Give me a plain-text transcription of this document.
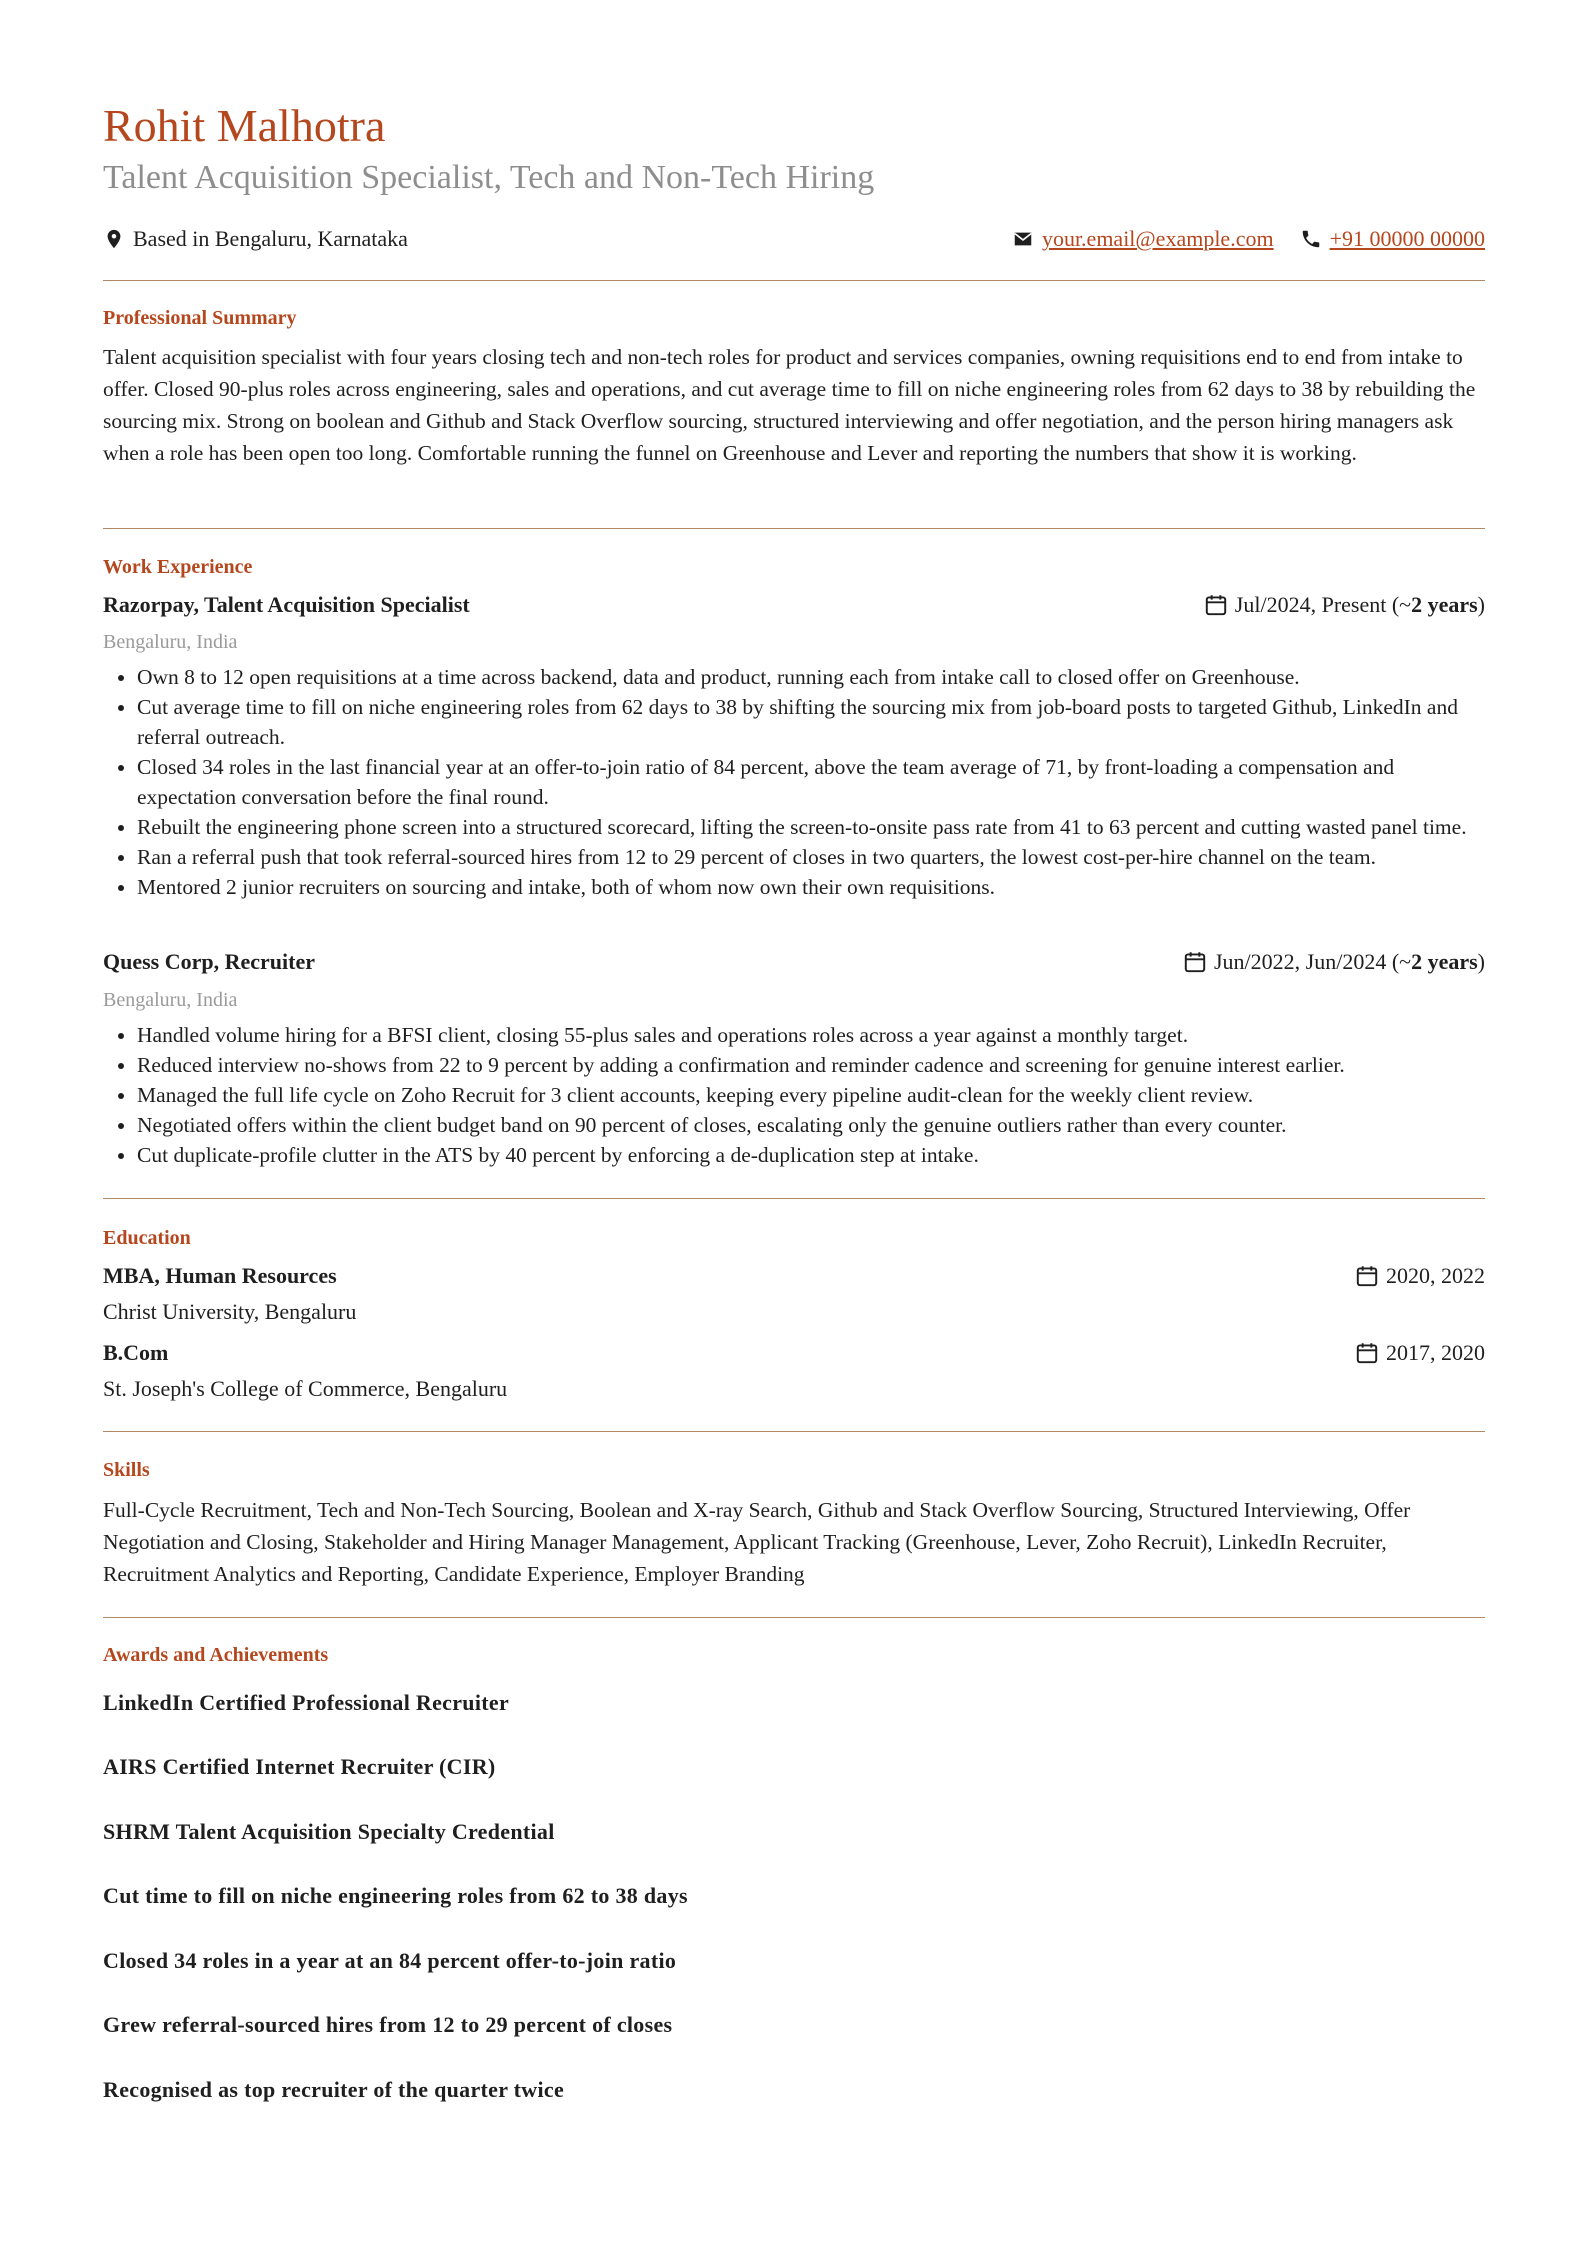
Rohit Malhotra
Talent Acquisition Specialist, Tech and Non-Tech Hiring
Based in Bengaluru, Karnataka	your.email@example.com	+91 00000 00000
Professional Summary
Talent acquisition specialist with four years closing tech and non-tech roles for product and services companies, owning requisitions end to end from intake to offer. Closed 90-plus roles across engineering, sales and operations, and cut average time to fill on niche engineering roles from 62 days to 38 by rebuilding the sourcing mix. Strong on boolean and Github and Stack Overflow sourcing, structured interviewing and offer negotiation, and the person hiring managers ask when a role has been open too long. Comfortable running the funnel on Greenhouse and Lever and reporting the numbers that show it is working.
Work Experience
Razorpay, Talent Acquisition Specialist	Jul/2024, Present (~ 2 years )
Bengaluru, India
• Own 8 to 12 open requisitions at a time across backend, data and product, running each from intake call to closed offer on Greenhouse.
• Cut average time to fill on niche engineering roles from 62 days to 38 by shifting the sourcing mix from job-board posts to targeted Github, LinkedIn and referral outreach.
• Closed 34 roles in the last financial year at an offer-to-join ratio of 84 percent, above the team average of 71, by front-loading a compensation and expectation conversation before the final round.
• Rebuilt the engineering phone screen into a structured scorecard, lifting the screen-to-onsite pass rate from 41 to 63 percent and cutting wasted panel time.
• Ran a referral push that took referral-sourced hires from 12 to 29 percent of closes in two quarters, the lowest cost-per-hire channel on the team.
• Mentored 2 junior recruiters on sourcing and intake, both of whom now own their own requisitions.
Quess Corp, Recruiter	Jun/2022, Jun/2024 (~ 2 years )
Bengaluru, India
• Handled volume hiring for a BFSI client, closing 55-plus sales and operations roles across a year against a monthly target.
• Reduced interview no-shows from 22 to 9 percent by adding a confirmation and reminder cadence and screening for genuine interest earlier.
• Managed the full life cycle on Zoho Recruit for 3 client accounts, keeping every pipeline audit-clean for the weekly client review.
• Negotiated offers within the client budget band on 90 percent of closes, escalating only the genuine outliers rather than every counter.
• Cut duplicate-profile clutter in the ATS by 40 percent by enforcing a de-duplication step at intake.
Education
MBA, Human Resources	2020, 2022
Christ University, Bengaluru
B.Com	2017, 2020
St. Joseph's College of Commerce, Bengaluru
Skills
Full-Cycle Recruitment, Tech and Non-Tech Sourcing, Boolean and X-ray Search, Github and Stack Overflow Sourcing, Structured Interviewing, Offer Negotiation and Closing, Stakeholder and Hiring Manager Management, Applicant Tracking (Greenhouse, Lever, Zoho Recruit), LinkedIn Recruiter, Recruitment Analytics and Reporting, Candidate Experience, Employer Branding
Awards and Achievements
LinkedIn Certified Professional Recruiter
AIRS Certified Internet Recruiter (CIR)
SHRM Talent Acquisition Specialty Credential
Cut time to fill on niche engineering roles from 62 to 38 days
Closed 34 roles in a year at an 84 percent offer-to-join ratio
Grew referral-sourced hires from 12 to 29 percent of closes
Recognised as top recruiter of the quarter twice
